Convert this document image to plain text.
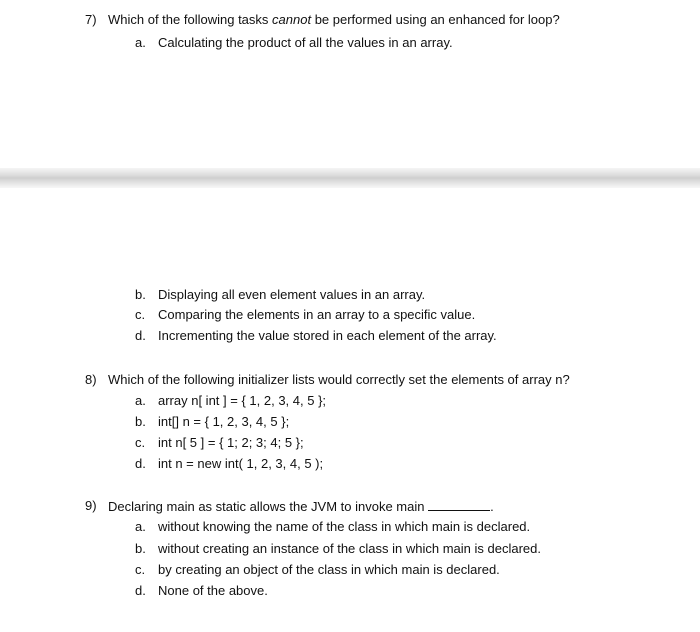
7) Which of the following tasks cannot be performed using an enhanced for loop?
a. Calculating the product of all the values in an array.
b. Displaying all even element values in an array.
c. Comparing the elements in an array to a specific value.
d. Incrementing the value stored in each element of the array.
8) Which of the following initializer lists would correctly set the elements of array n?
a. array n[ int ] = { 1, 2, 3, 4, 5 };
b. int[] n = { 1, 2, 3, 4, 5 };
c. int n[ 5 ] = { 1; 2; 3; 4; 5 };
d. int n = new int( 1, 2, 3, 4, 5 );
9) Declaring main as static allows the JVM to invoke main	.
a. without knowing the name of the class in which main is declared.
b. without creating an instance of the class in which main is declared.
c. by creating an object of the class in which main is declared.
d. None of the above.
